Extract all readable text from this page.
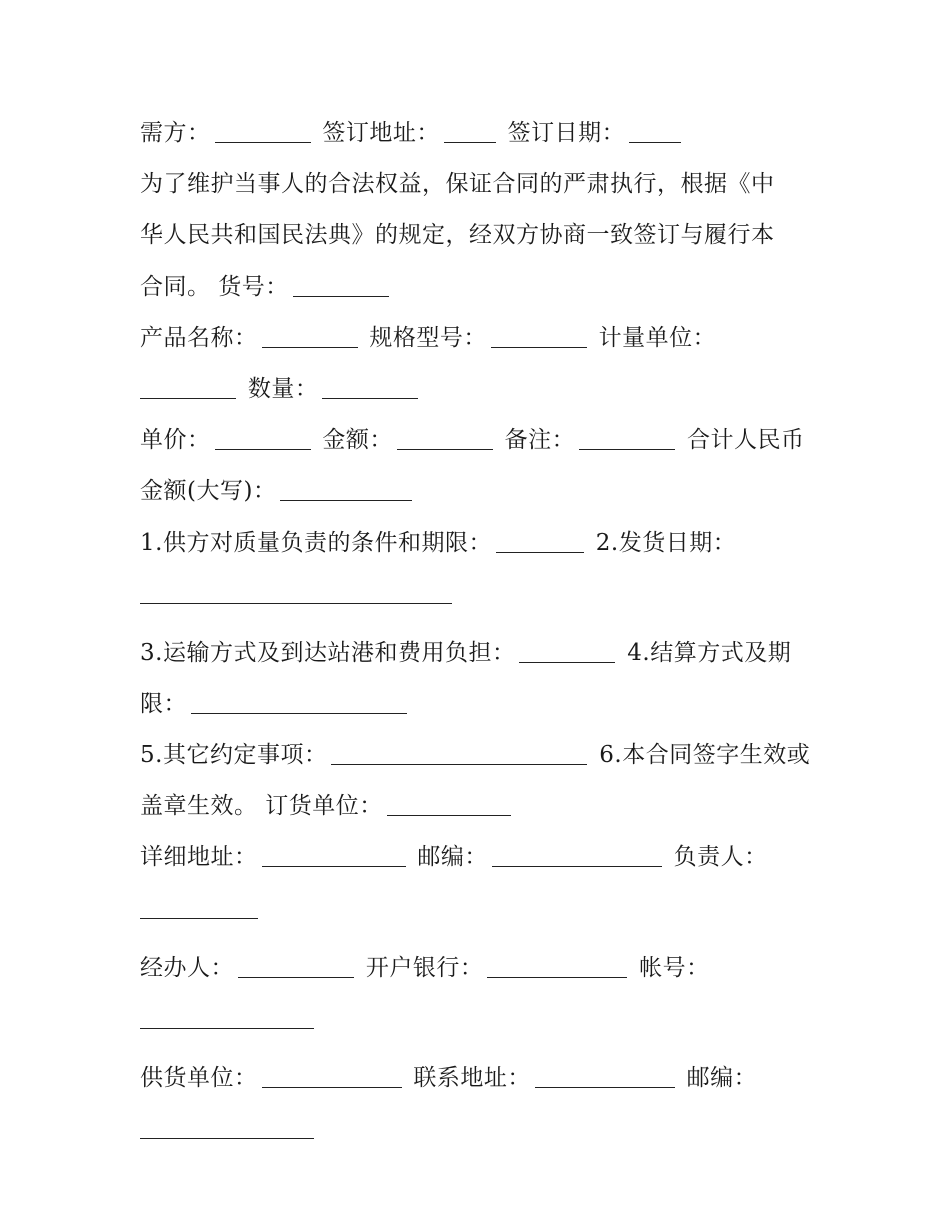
需方：	签订地址：	签订日期：
为了维护当事人的合法权益，保证合同的严肃执行，根据《中
华人民共和国民法典》的规定，经双方协商一致签订与履行本
合同。 货号：
产品名称：	规格型号：	计量单位：
数量：
单价：	金额：	备注：	合计人民币
金额(大写)：
1.供方对质量负责的条件和期限：	2.发货日期：
3.运输方式及到达站港和费用负担：	4.结算方式及期
限：
5.其它约定事项：	6.本合同签字生效或
盖章生效。 订货单位：
详细地址：	邮编：	负责人：
经办人：	开户银行：	帐号：
供货单位：	联系地址：	邮编：
